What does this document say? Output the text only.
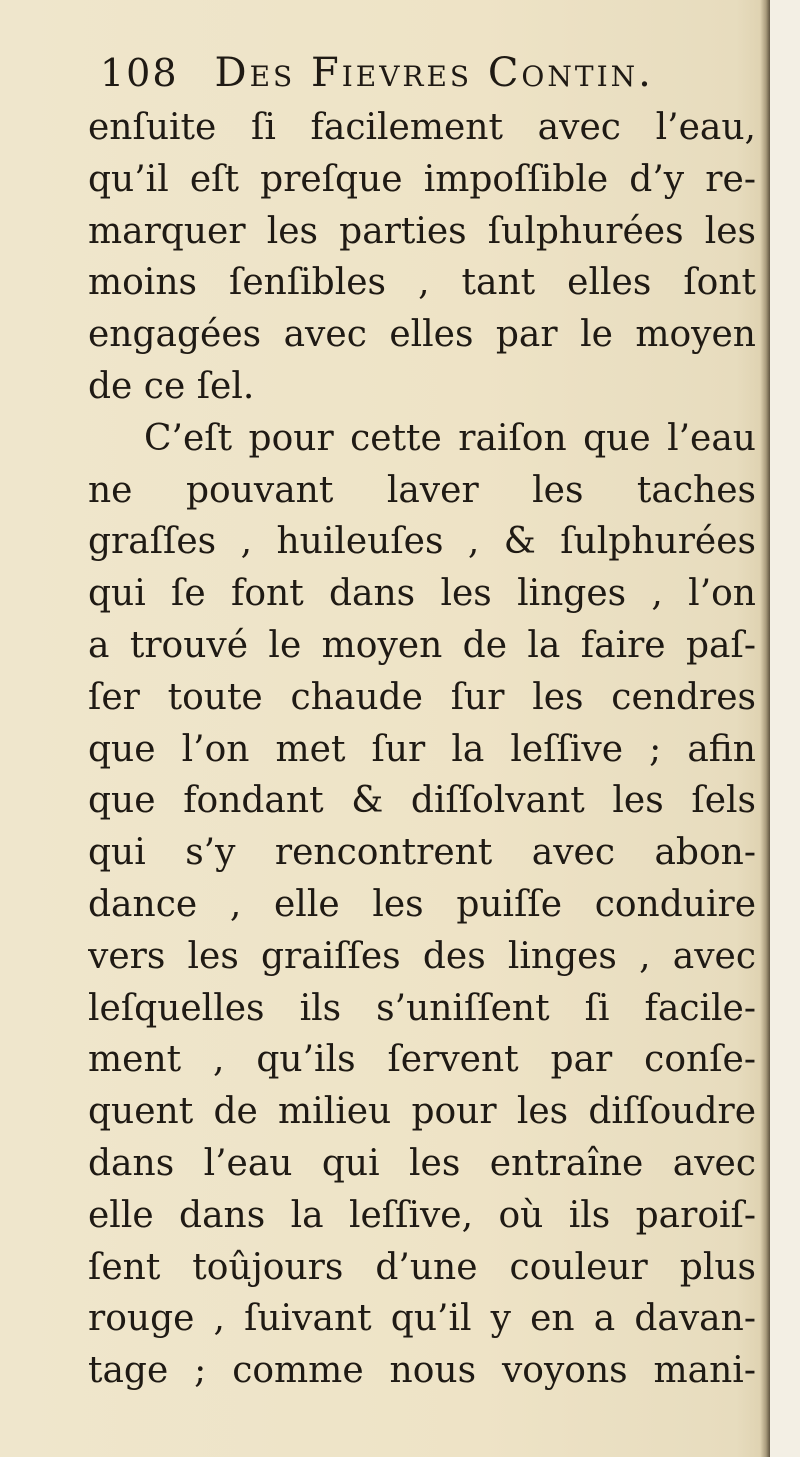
108 Des Fievres Contin.
enſuite ſi facilement avec l’eau,
qu’il eſt preſque impoſſible d’y re-
marquer les parties ſulphurées les
moins ſenſibles , tant elles ſont
engagées avec elles par le moyen
de ce ſel.
C’eſt pour cette raiſon que l’eau
ne pouvant laver les taches
graſſes , huileuſes , & ſulphurées
qui ſe font dans les linges , l’on
a trouvé le moyen de la faire paſ-
ſer toute chaude ſur les cendres
que l’on met ſur la leſſive ; afin
que fondant & diſſolvant les ſels
qui s’y rencontrent avec abon-
dance , elle les puiſſe conduire
vers les graiſſes des linges , avec
leſquelles ils s’uniſſent ſi facile-
ment , qu’ils ſervent par conſe-
quent de milieu pour les diſſoudre
dans l’eau qui les entraîne avec
elle dans la leſſive, où ils paroiſ-
ſent toûjours d’une couleur plus
rouge , ſuivant qu’il y en a davan-
tage ; comme nous voyons mani-
